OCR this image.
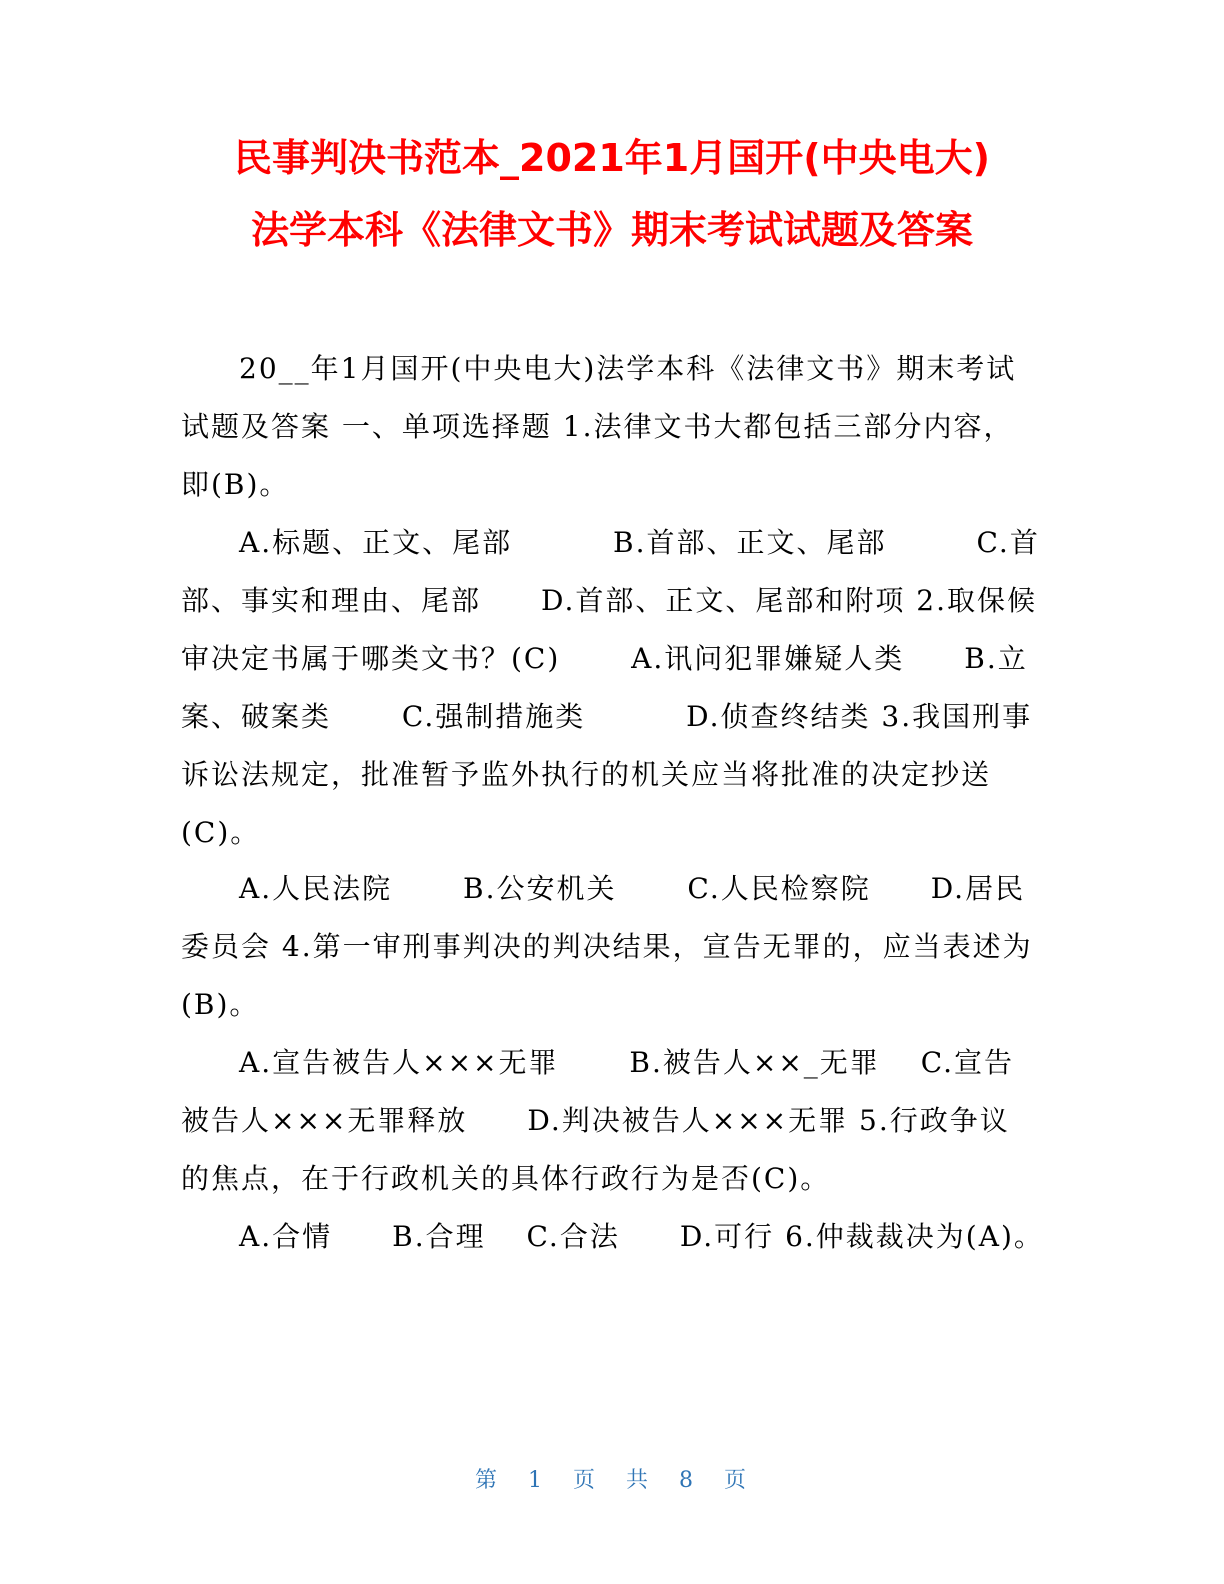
民事判决书范本_2021年1月国开(中央电大)
法学本科《法律文书》期末考试试题及答案

20__年1月国开(中央电大)法学本科《法律文书》期末考试
试题及答案 一、单项选择题 1.法律文书大都包括三部分内容，
即(B)。

A.标题、正文、尾部　　　 B.首部、正文、尾部　　　C.首
部、事实和理由、尾部　　D.首部、正文、尾部和附项 2.取保候
审决定书属于哪类文书？(C)　　 A.讯问犯罪嫌疑人类　　B.立
案、破案类　　 C.强制措施类　　　 D.侦查终结类 3.我国刑事
诉讼法规定，批准暂予监外执行的机关应当将批准的决定抄送
(C)。

A.人民法院　　 B.公安机关　　 C.人民检察院　　D.居民
委员会 4.第一审刑事判决的判决结果，宣告无罪的，应当表述为
(B)。

A.宣告被告人×××无罪　　 B.被告人××_无罪　 C.宣告
被告人×××无罪释放　　D.判决被告人×××无罪 5.行政争议
的焦点，在于行政机关的具体行政行为是否(C)。

A.合情　　B.合理　 C.合法　　D.可行 6.仲裁裁决为(A)。

第 1 页 共 8 页
